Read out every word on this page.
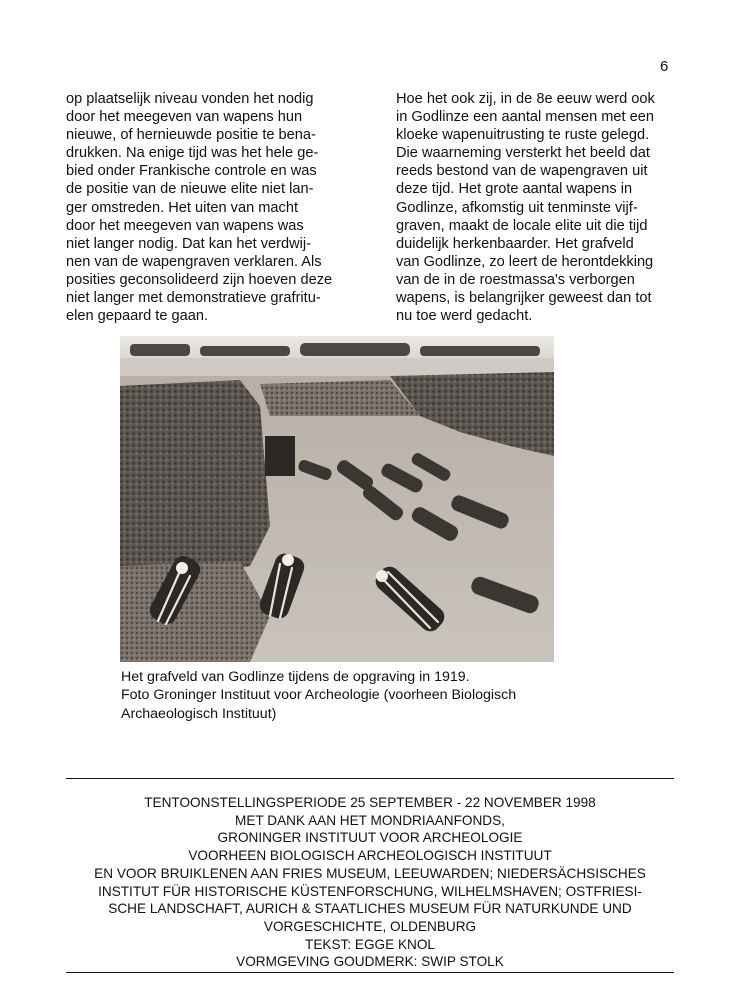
6
op plaatselijk niveau vonden het nodig
door het meegeven van wapens hun
nieuwe, of hernieuwde positie te bena-
drukken. Na enige tijd was het hele ge-
bied onder Frankische controle en was
de positie van de nieuwe elite niet lan-
ger omstreden. Het uiten van macht
door het meegeven van wapens was
niet langer nodig. Dat kan het verdwij-
nen van de wapengraven verklaren. Als
posities geconsolideerd zijn hoeven deze
niet langer met demonstratieve grafritu-
elen gepaard te gaan.
Hoe het ook zij, in de 8e eeuw werd ook
in Godlinze een aantal mensen met een
kloeke wapenuitrusting te ruste gelegd.
Die waarneming versterkt het beeld dat
reeds bestond van de wapengraven uit
deze tijd. Het grote aantal wapens in
Godlinze, afkomstig uit tenminste vijf-
graven, maakt de locale elite uit die tijd
duidelijk herkenbaarder. Het grafveld
van Godlinze, zo leert de herontdekking
van de in de roestmassa's verborgen
wapens, is belangrijker geweest dan tot
nu toe werd gedacht.
Het grafveld van Godlinze tijdens de opgraving in 1919.
Foto Groninger Instituut voor Archeologie (voorheen Biologisch
Archaeologisch Instituut)
TENTOONSTELLINGSPERIODE 25 SEPTEMBER - 22 NOVEMBER 1998
MET DANK AAN HET MONDRIAANFONDS,
GRONINGER INSTITUUT VOOR ARCHEOLOGIE
VOORHEEN BIOLOGISCH ARCHEOLOGISCH INSTITUUT
EN VOOR BRUIKLENEN AAN FRIES MUSEUM, LEEUWARDEN; NIEDERSÄCHSISCHES
INSTITUT FÜR HISTORISCHE KÜSTENFORSCHUNG, WILHELMSHAVEN; OSTFRIESI-
SCHE LANDSCHAFT, AURICH & STAATLICHES MUSEUM FÜR NATURKUNDE UND
VORGESCHICHTE, OLDENBURG
TEKST: EGGE KNOL
VORMGEVING GOUDMERK: SWIP STOLK
